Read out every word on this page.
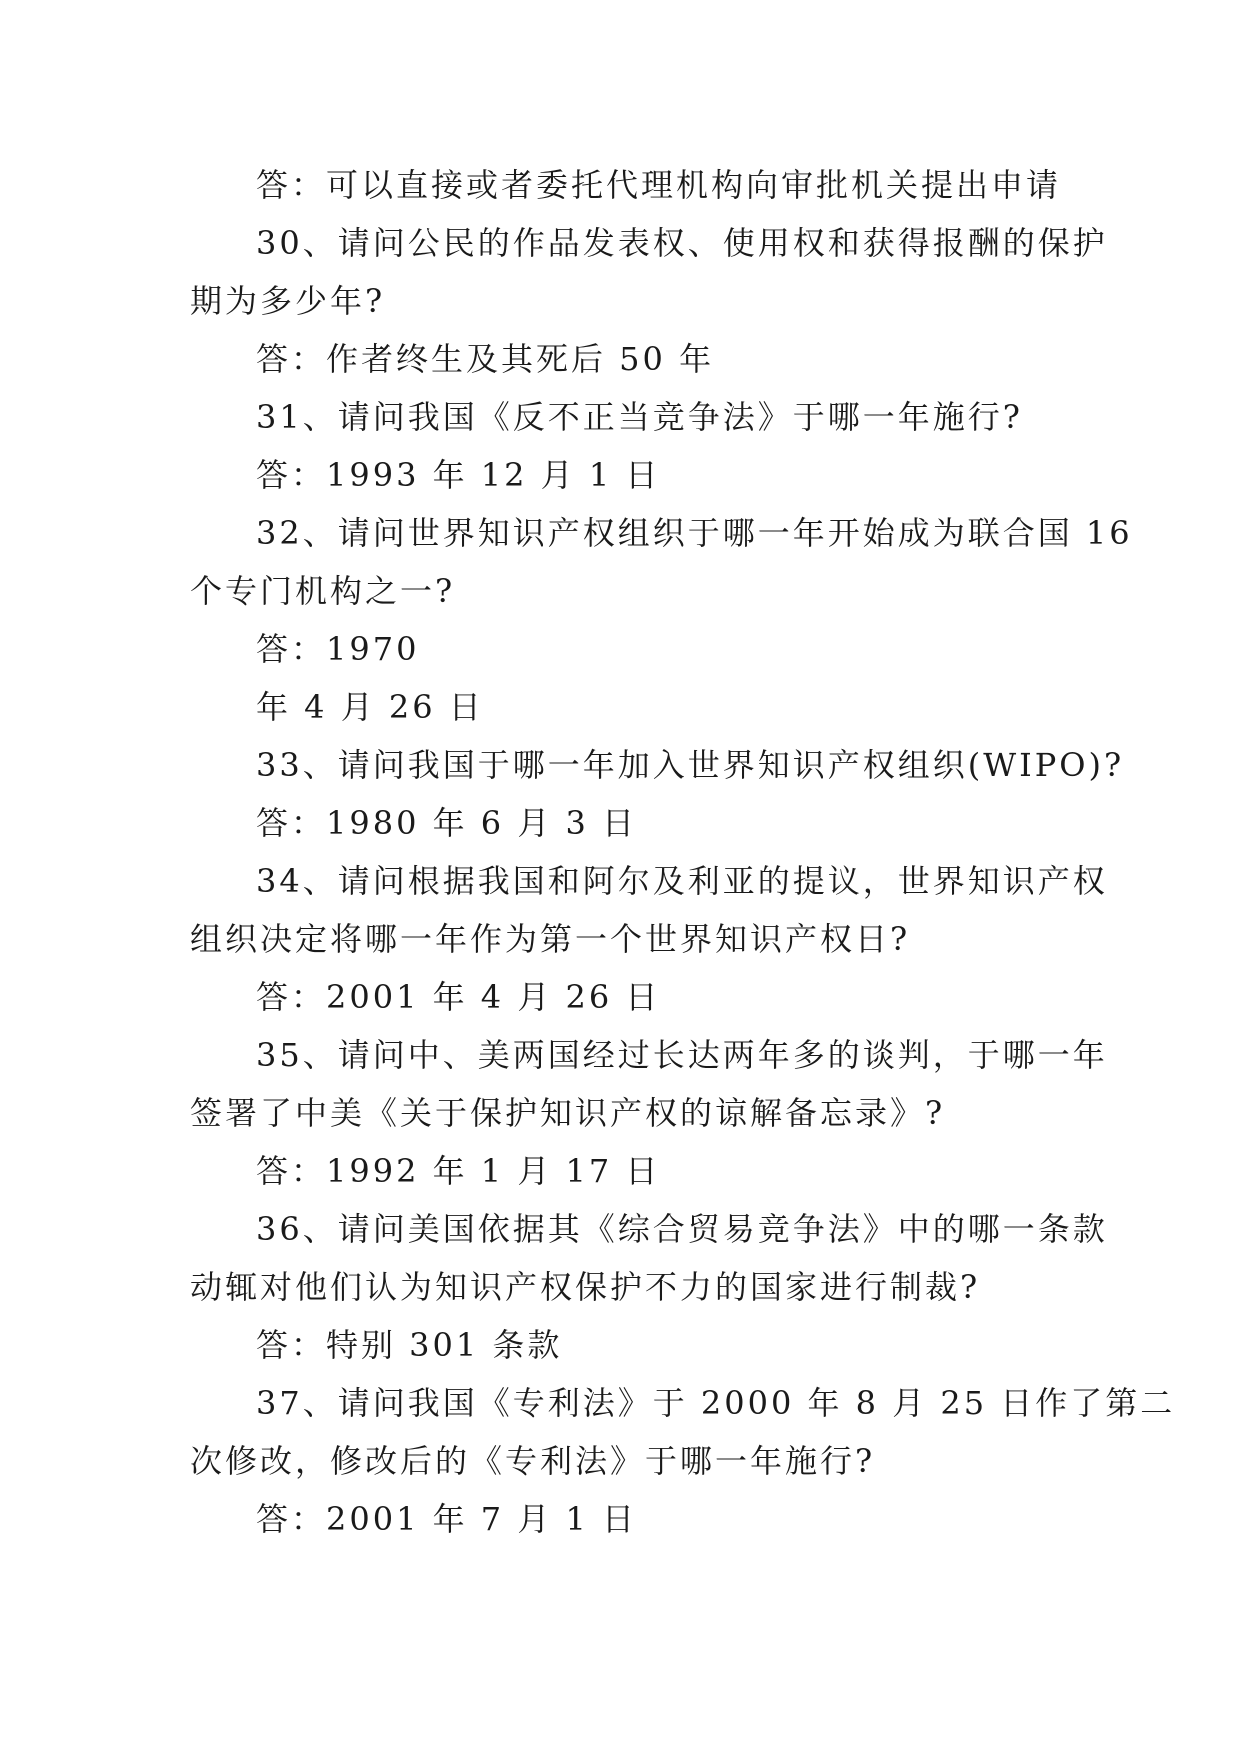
答：可以直接或者委托代理机构向审批机关提出申请
30、请问公民的作品发表权、使用权和获得报酬的保护
期为多少年?
答：作者终生及其死后 50 年
31、请问我国《反不正当竞争法》于哪一年施行?
答：1993 年 12 月 1 日
32、请问世界知识产权组织于哪一年开始成为联合国 16
个专门机构之一?
答：1970
年 4 月 26 日
33、请问我国于哪一年加入世界知识产权组织(WIPO)?
答：1980 年 6 月 3 日
34、请问根据我国和阿尔及利亚的提议，世界知识产权
组织决定将哪一年作为第一个世界知识产权日?
答：2001 年 4 月 26 日
35、请问中、美两国经过长达两年多的谈判，于哪一年
签署了中美《关于保护知识产权的谅解备忘录》?
答：1992 年 1 月 17 日
36、请问美国依据其《综合贸易竞争法》中的哪一条款
动辄对他们认为知识产权保护不力的国家进行制裁?
答：特别 301 条款
37、请问我国《专利法》于 2000 年 8 月 25 日作了第二
次修改，修改后的《专利法》于哪一年施行?
答：2001 年 7 月 1 日
